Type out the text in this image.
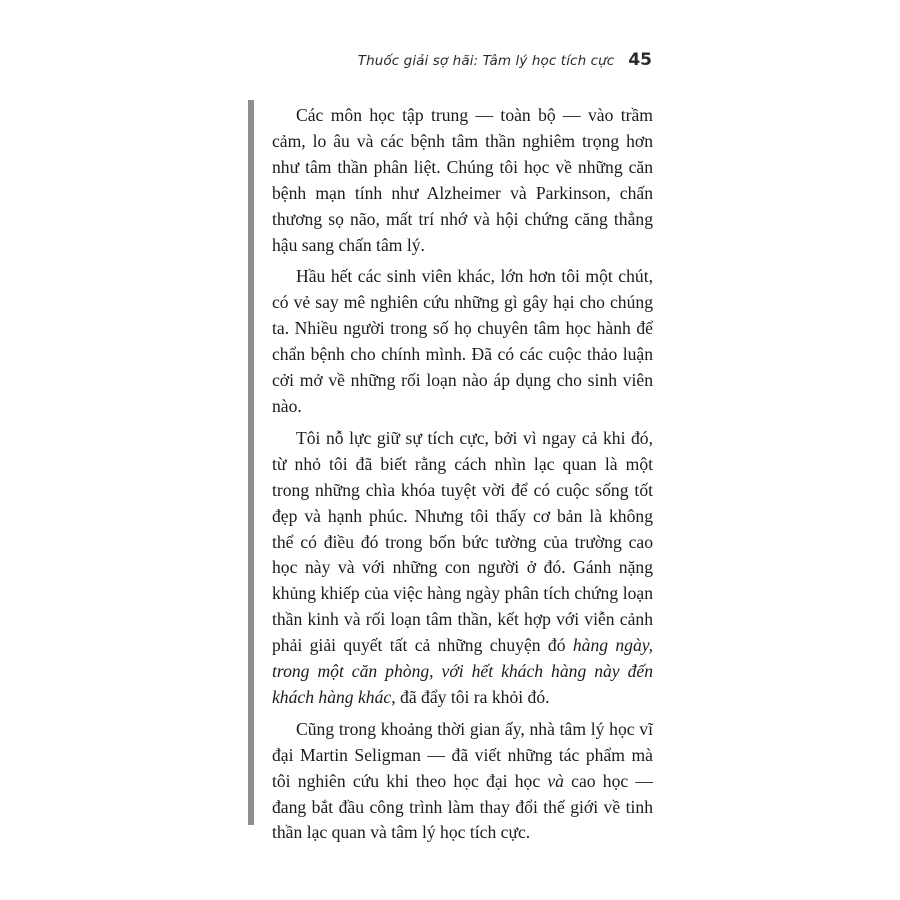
Thuốc giải sợ hãi: Tâm lý học tích cực 45

Các môn học tập trung — toàn bộ — vào trầm cảm, lo âu và các bệnh tâm thần nghiêm trọng hơn như tâm thần phân liệt. Chúng tôi học về những căn bệnh mạn tính như Alzheimer và Parkinson, chấn thương sọ não, mất trí nhớ và hội chứng căng thẳng hậu sang chấn tâm lý.

Hầu hết các sinh viên khác, lớn hơn tôi một chút, có vẻ say mê nghiên cứu những gì gây hại cho chúng ta. Nhiều người trong số họ chuyên tâm học hành để chẩn bệnh cho chính mình. Đã có các cuộc thảo luận cởi mở về những rối loạn nào áp dụng cho sinh viên nào.

Tôi nỗ lực giữ sự tích cực, bởi vì ngay cả khi đó, từ nhỏ tôi đã biết rằng cách nhìn lạc quan là một trong những chìa khóa tuyệt vời để có cuộc sống tốt đẹp và hạnh phúc. Nhưng tôi thấy cơ bản là không thể có điều đó trong bốn bức tường của trường cao học này và với những con người ở đó. Gánh nặng khủng khiếp của việc hàng ngày phân tích chứng loạn thần kinh và rối loạn tâm thần, kết hợp với viễn cảnh phải giải quyết tất cả những chuyện đó hàng ngày, trong một căn phòng, với hết khách hàng này đến khách hàng khác, đã đẩy tôi ra khỏi đó.

Cũng trong khoảng thời gian ấy, nhà tâm lý học vĩ đại Martin Seligman — đã viết những tác phẩm mà tôi nghiên cứu khi theo học đại học và cao học — đang bắt đầu công trình làm thay đổi thế giới về tinh thần lạc quan và tâm lý học tích cực.
